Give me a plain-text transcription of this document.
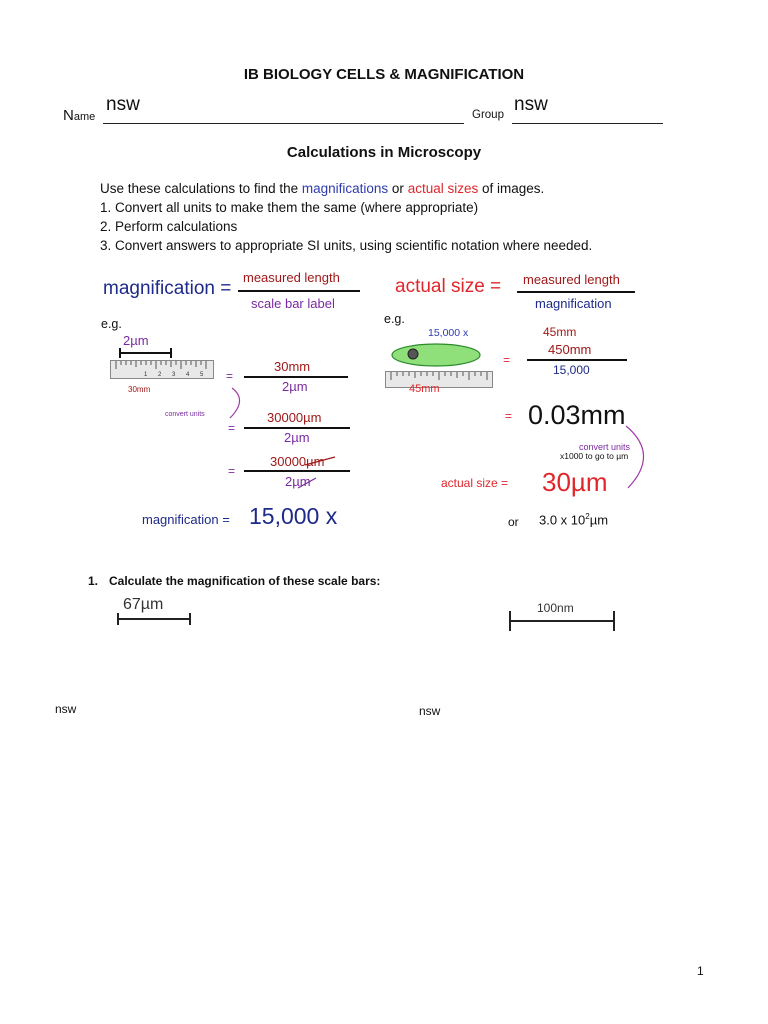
IB BIOLOGY CELLS & MAGNIFICATION
Name
nsw	Group nsw
Calculations in Microscopy
Use these calculations to find the magnifications or actual sizes of images.
1. Convert all units to make them the same (where appropriate)
2. Perform calculations
3. Convert answers to appropriate SI units, using scientific notation where needed.
magnification =
measured length
scale bar label
e.g.
2µm
1 2 3 4 5
30mm
=
30mm
2µm
convert units
=
30000µm
2µm
=
30000µm
2µm
magnification = 15,000 x
actual size = measured length
magnification
e.g.
15,000 x
45mm
45mm
=
450mm
15,000
= 0.03mm
convert units
x1000 to go to µm
actual size = 30µm
or 3.0 x $10^2\mu m$
1. Calculate the magnification of these scale bars:
67µm	100nm
nsw	nsw
1
